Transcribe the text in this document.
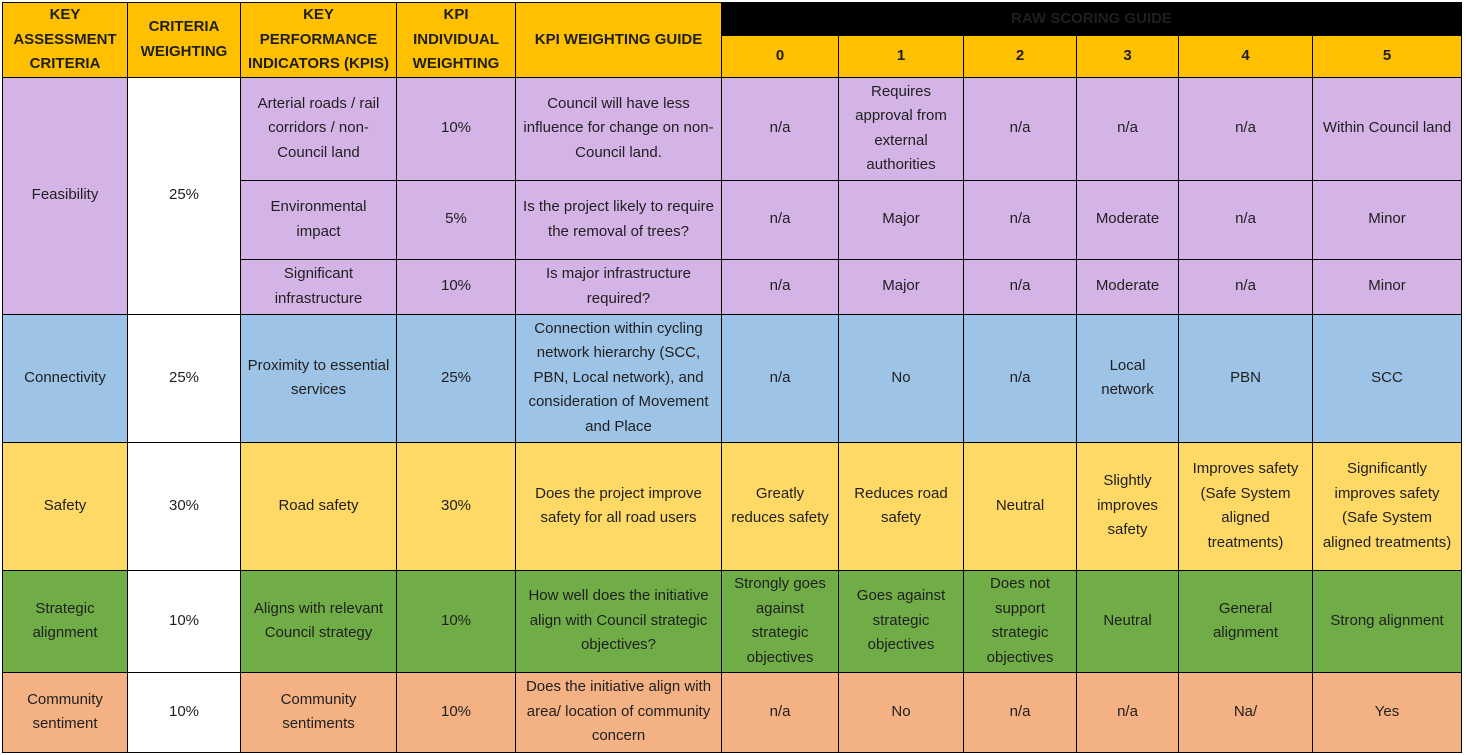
KEY ASSESSMENT CRITERIA	CRITERIA WEIGHTING	KEY PERFORMANCE INDICATORS (KPIS)	KPI INDIVIDUAL WEIGHTING	KPI WEIGHTING GUIDE	RAW SCORING GUIDE					
					0	1	2	3	4	5
Feasibility	25%	Arterial roads / rail corridors / non-Council land	10%	Council will have less influence for change on non-Council land.	n/a	Requires approval from external authorities	n/a	n/a	n/a	Within Council land
		Environmental impact	5%	Is the project likely to require the removal of trees?	n/a	Major	n/a	Moderate	n/a	Minor
		Significant infrastructure	10%	Is major infrastructure required?	n/a	Major	n/a	Moderate	n/a	Minor
Connectivity	25%	Proximity to essential services	25%	Connection within cycling network hierarchy (SCC, PBN, Local network), and consideration of Movement and Place	n/a	No	n/a	Local network	PBN	SCC
Safety	30%	Road safety	30%	Does the project improve safety for all road users	Greatly reduces safety	Reduces road safety	Neutral	Slightly improves safety	Improves safety (Safe System aligned treatments)	Significantly improves safety (Safe System aligned treatments)
Strategic alignment	10%	Aligns with relevant Council strategy	10%	How well does the initiative align with Council strategic objectives?	Strongly goes against strategic objectives	Goes against strategic objectives	Does not support strategic objectives	Neutral	General alignment	Strong alignment
Community sentiment	10%	Community sentiments	10%	Does the initiative align with area/ location of community concern	n/a	No	n/a	n/a	Na/	Yes
